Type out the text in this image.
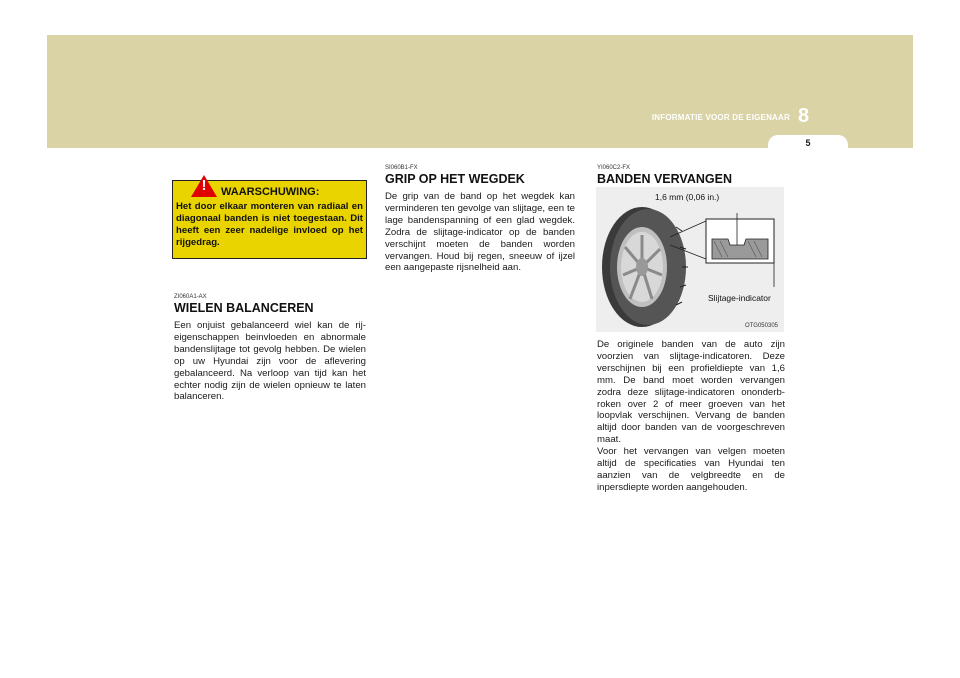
INFORMATIE VOOR DE EIGENAAR 8
5
! WAARSCHUWING:
Het door elkaar monteren van radiaal en diagonaal banden is niet toegestaan. Dit heeft een zeer nadelige invloed op het rijgedrag.
ZI060A1-AX
WIELEN BALANCEREN
Een onjuist gebalanceerd wiel kan de rij-eigenschappen beinvloeden en abnormale bandenslijtage tot gevolg hebben. De wielen op uw Hyundai zijn voor de aflevering gebalanceerd. Na verloop van tijd kan het echter nodig zijn de wielen opnieuw te laten balanceren.
SI060B1-FX
GRIP OP HET WEGDEK
De grip van de band op het wegdek kan verminderen ten gevolge van slijtage, een te lage bandenspanning of een glad wegdek. Zodra de slijtage-indicator op de banden verschijnt moeten de banden worden vervangen. Houd bij regen, sneeuw of ijzel een aangepaste rijsnelheid aan.
YI060C2-FX
BANDEN VERVANGEN
1,6 mm (0,06 in.)
Slijtage-indicator
OTG050305
De originele banden van de auto zijn voorzien van slijtage-indicatoren. Deze verschijnen bij een profieldiepte van 1,6 mm. De band moet worden vervangen zodra deze slijtage-indicatoren ononderb-roken over 2 of meer groeven van het loopvlak verschijnen. Vervang de banden altijd door banden van de voorgeschreven maat.
Voor het vervangen van velgen moeten altijd de specificaties van Hyundai ten aanzien van de velgbreedte en de inpersdiepte worden aangehouden.
